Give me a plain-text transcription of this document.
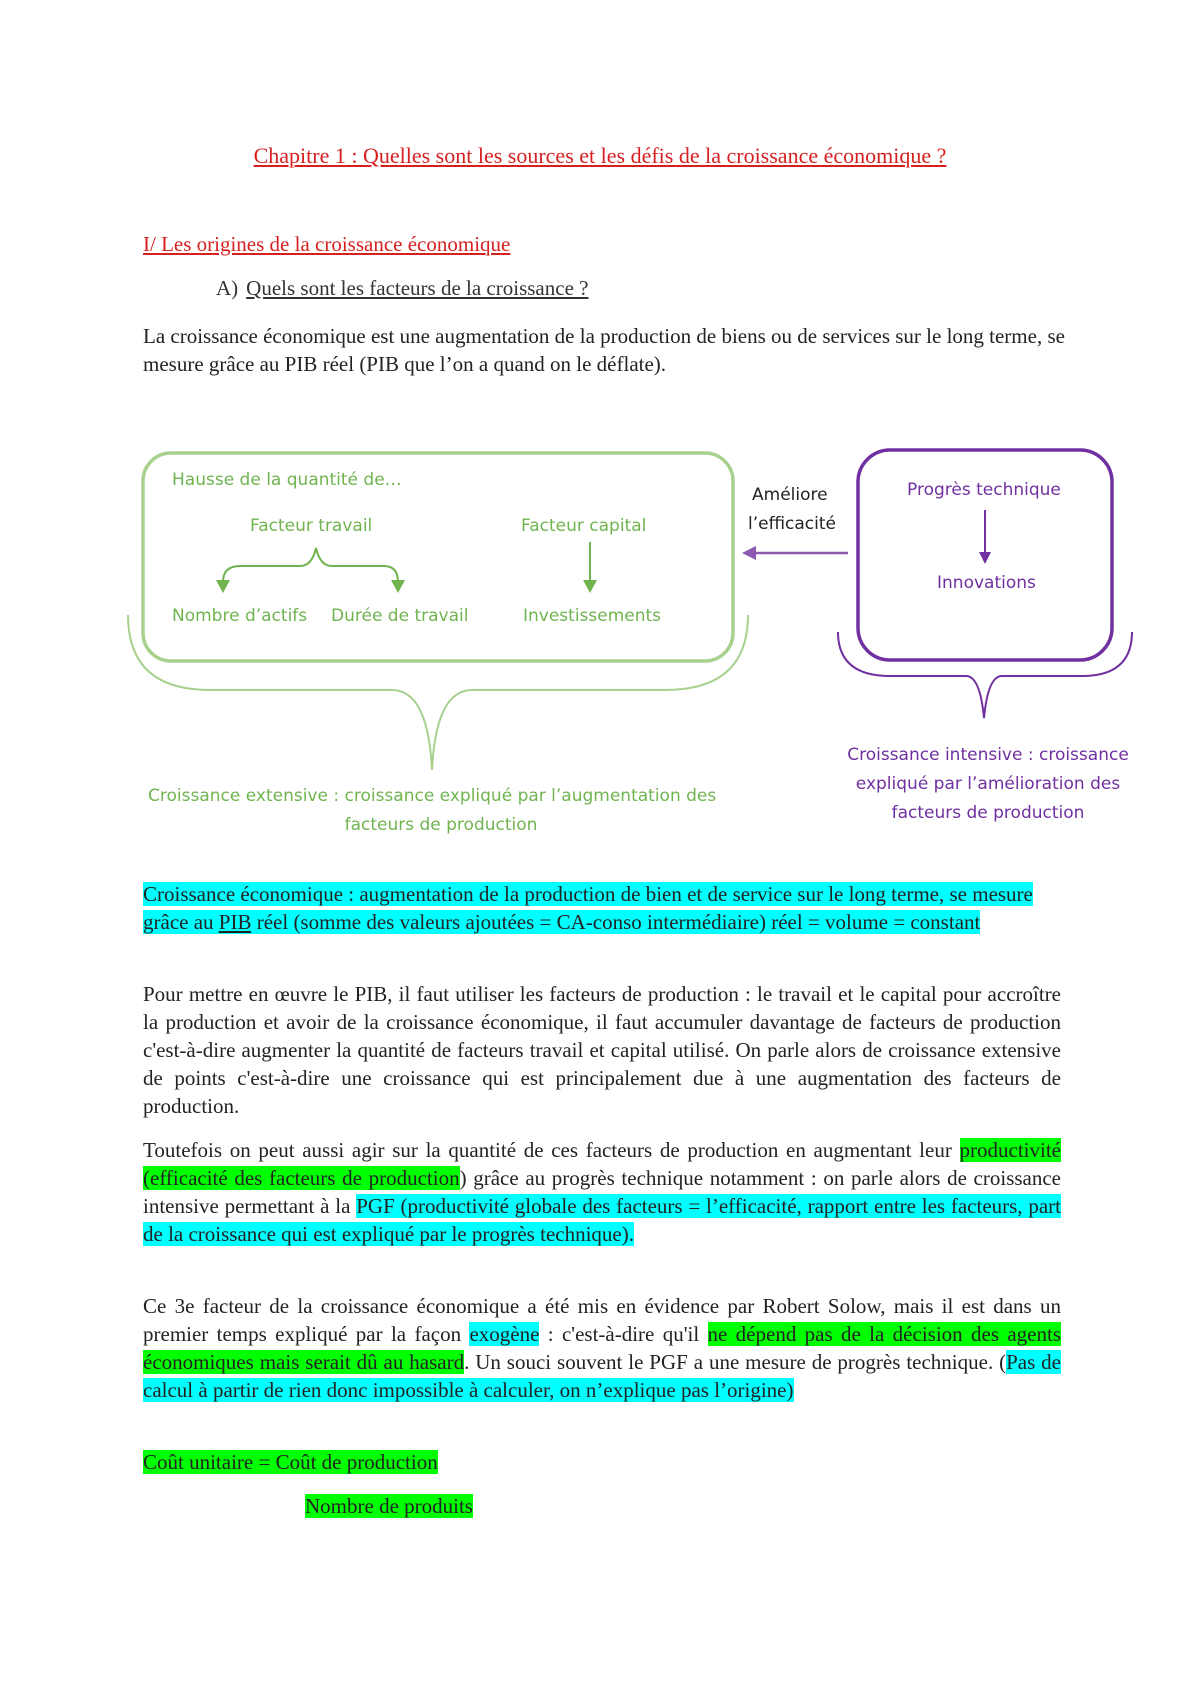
Chapitre 1 : Quelles sont les sources et les défis de la croissance économique ?
I/ Les origines de la croissance économique
A) Quels sont les facteurs de la croissance ?
La croissance économique est une augmentation de la production de biens ou de services sur le long terme, se mesure grâce au PIB réel (PIB que l’on a quand on le déflate).
Hausse de la quantité de…
Facteur travail	Facteur capital
Nombre d’actifs Durée de travail	Investissements
Améliore
l’efficacité
Progrès technique
Innovations
Croissance extensive : croissance expliqué par l’augmentation des
facteurs de production
Croissance intensive : croissance
expliqué par l’amélioration des
facteurs de production
Croissance économique : augmentation de la production de bien et de service sur le long terme, se mesure grâce au PIB réel (somme des valeurs ajoutées = CA-conso intermédiaire) réel = volume = constant
Pour mettre en œuvre le PIB, il faut utiliser les facteurs de production : le travail et le capital pour accroître la production et avoir de la croissance économique, il faut accumuler davantage de facteurs de production c'est-à-dire augmenter la quantité de facteurs travail et capital utilisé. On parle alors de croissance extensive de points c'est-à-dire une croissance qui est principalement due à une augmentation des facteurs de production.
Toutefois on peut aussi agir sur la quantité de ces facteurs de production en augmentant leur productivité (efficacité des facteurs de production) grâce au progrès technique notamment : on parle alors de croissance intensive permettant à la PGF (productivité globale des facteurs = l’efficacité, rapport entre les facteurs, part de la croissance qui est expliqué par le progrès technique).
Ce 3e facteur de la croissance économique a été mis en évidence par Robert Solow, mais il est dans un premier temps expliqué par la façon exogène : c'est-à-dire qu'il ne dépend pas de la décision des agents économiques mais serait dû au hasard. Un souci souvent le PGF a une mesure de progrès technique. (Pas de calcul à partir de rien donc impossible à calculer, on n’explique pas l’origine)
Coût unitaire = Coût de production
Nombre de produits
